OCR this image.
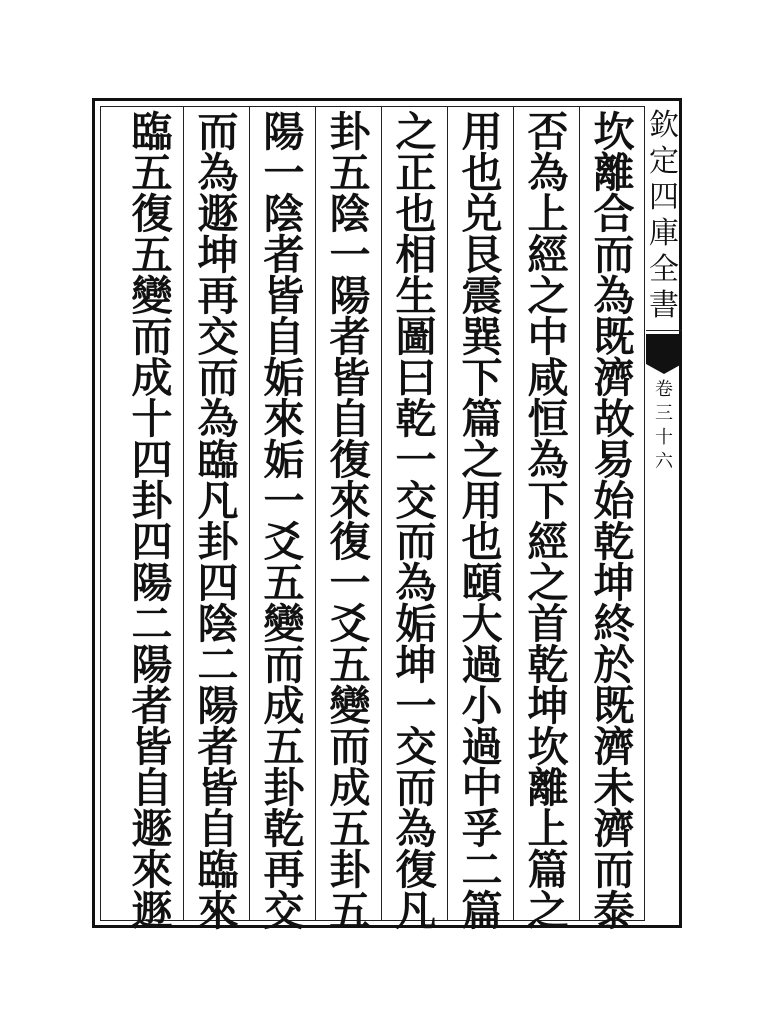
欽
定
四
庫
全
書
卷
三
十
六
坎
離
合
而
為
既
濟
故
易
始
乾
坤
終
於
既
濟
未
濟
而
泰
否
為
上
經
之
中
咸
恒
為
下
經
之
首
乾
坤
坎
離
上
篇
之
用
也
兑
艮
震
巽
下
篇
之
用
也
頤
大
過
小
過
中
孚
二
篇
之
正
也
相
生
圖
曰
乾
一
交
而
為
姤
坤
一
交
而
為
復
凡
卦
五
陰
一
陽
者
皆
自
復
來
復
一
爻
五
變
而
成
五
卦
五
陽
一
陰
者
皆
自
姤
來
姤
一
爻
五
變
而
成
五
卦
乾
再
交
而
為
遯
坤
再
交
而
為
臨
凡
卦
四
陰
二
陽
者
皆
自
臨
來
臨
五
復
五
變
而
成
十
四
卦
四
陽
二
陽
者
皆
自
遯
來
遯
